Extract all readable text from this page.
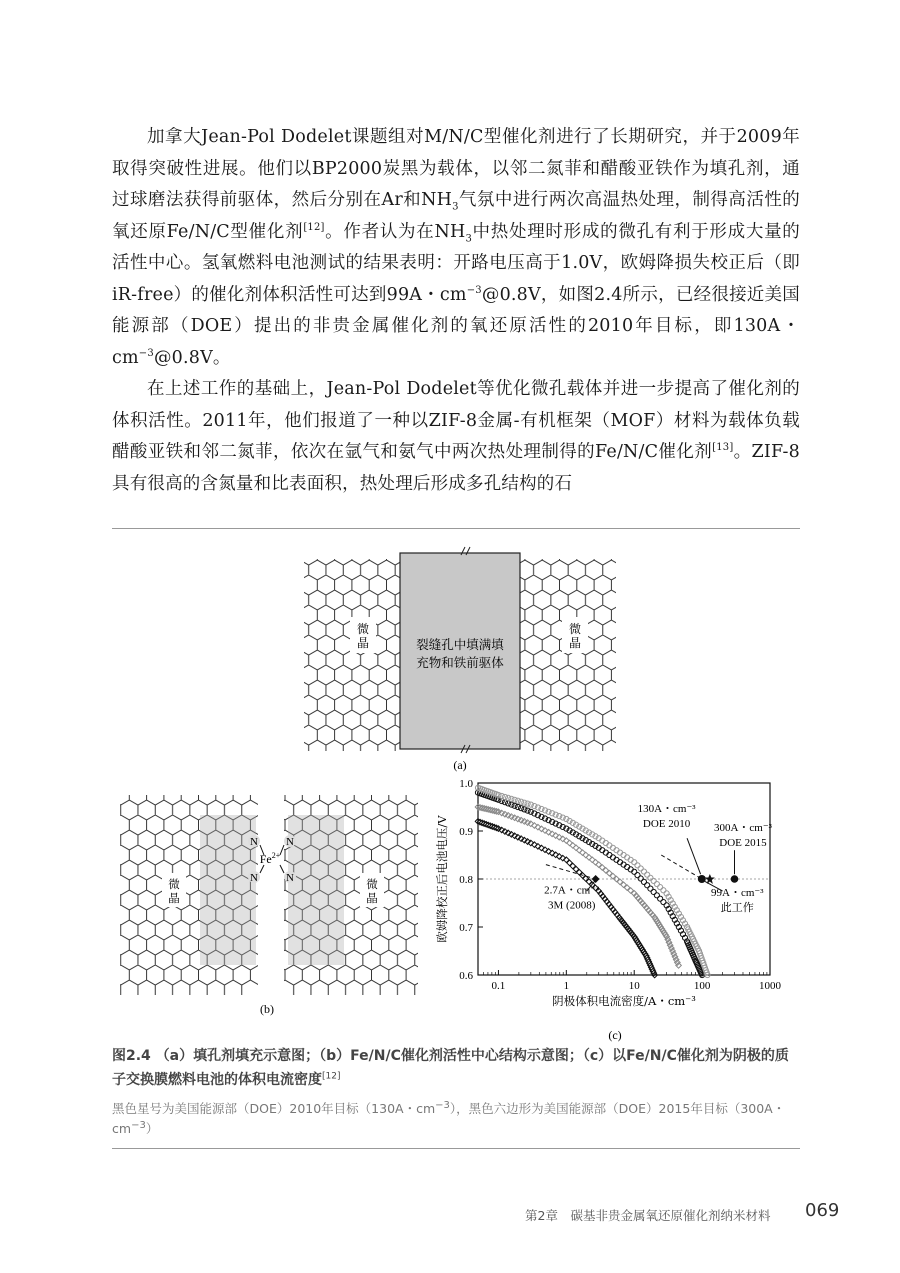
加拿大Jean-Pol Dodelet课题组对M/N/C型催化剂进行了长期研究，并于2009年取得突破性进展。他们以BP2000炭黑为载体，以邻二氮菲和醋酸亚铁作为填孔剂，通过球磨法获得前驱体，然后分别在Ar和$NH_3$气氛中进行两次高温热处理，制得高活性的氧还原Fe/N/C型催化剂[12]。作者认为在$NH_3$中热处理时形成的微孔有利于形成大量的活性中心。氢氧燃料电池测试的结果表明：开路电压高于1.0V，欧姆降损失校正后（即iR-free）的催化剂体积活性可达到99A・$cm^{-3}@0.8V$，如图2.4所示，已经很接近美国能源部（DOE）提出的非贵金属催化剂的氧还原活性的2010年目标，即130A・$cm^{-3}@0.8V$。

在上述工作的基础上，Jean-Pol Dodelet等优化微孔载体并进一步提高了催化剂的体积活性。2011年，他们报道了一种以ZIF-8金属-有机框架（MOF）材料为载体负载醋酸亚铁和邻二氮菲，依次在氩气和氨气中两次热处理制得的Fe/N/C催化剂[13]。ZIF-8具有很高的含氮量和比表面积，热处理后形成多孔结构的石

微
晶
微
晶
裂缝孔中填满填
充物和铁前驱体
(a)
N
N
N
N
$Fe^{2+}$
微
晶
微
晶
(b)
0.6
0.7
0.8
0.9
1.0
0.1	1	10	100	1000
阴极体积电流密度/A・cm⁻³
欧姆降校正后电池电压/V
130A・cm⁻³
DOE 2010 300A・cm⁻³
DOE 2015
2.7A・cm⁻³
3M (2008)
99A・cm⁻³
此工作
(c)
图2.4 （a）填孔剂填充示意图；（b）Fe/N/C催化剂活性中心结构示意图；（c）以Fe/N/C催化剂为阴极的质子交换膜燃料电池的体积电流密度[12]
黑色星号为美国能源部（DOE）2010年目标（130A・$cm^{-3}$），黑色六边形为美国能源部（DOE）2015年目标（300A・$cm^{-3}$）
第2章　碳基非贵金属氧还原催化剂纳米材料 069
